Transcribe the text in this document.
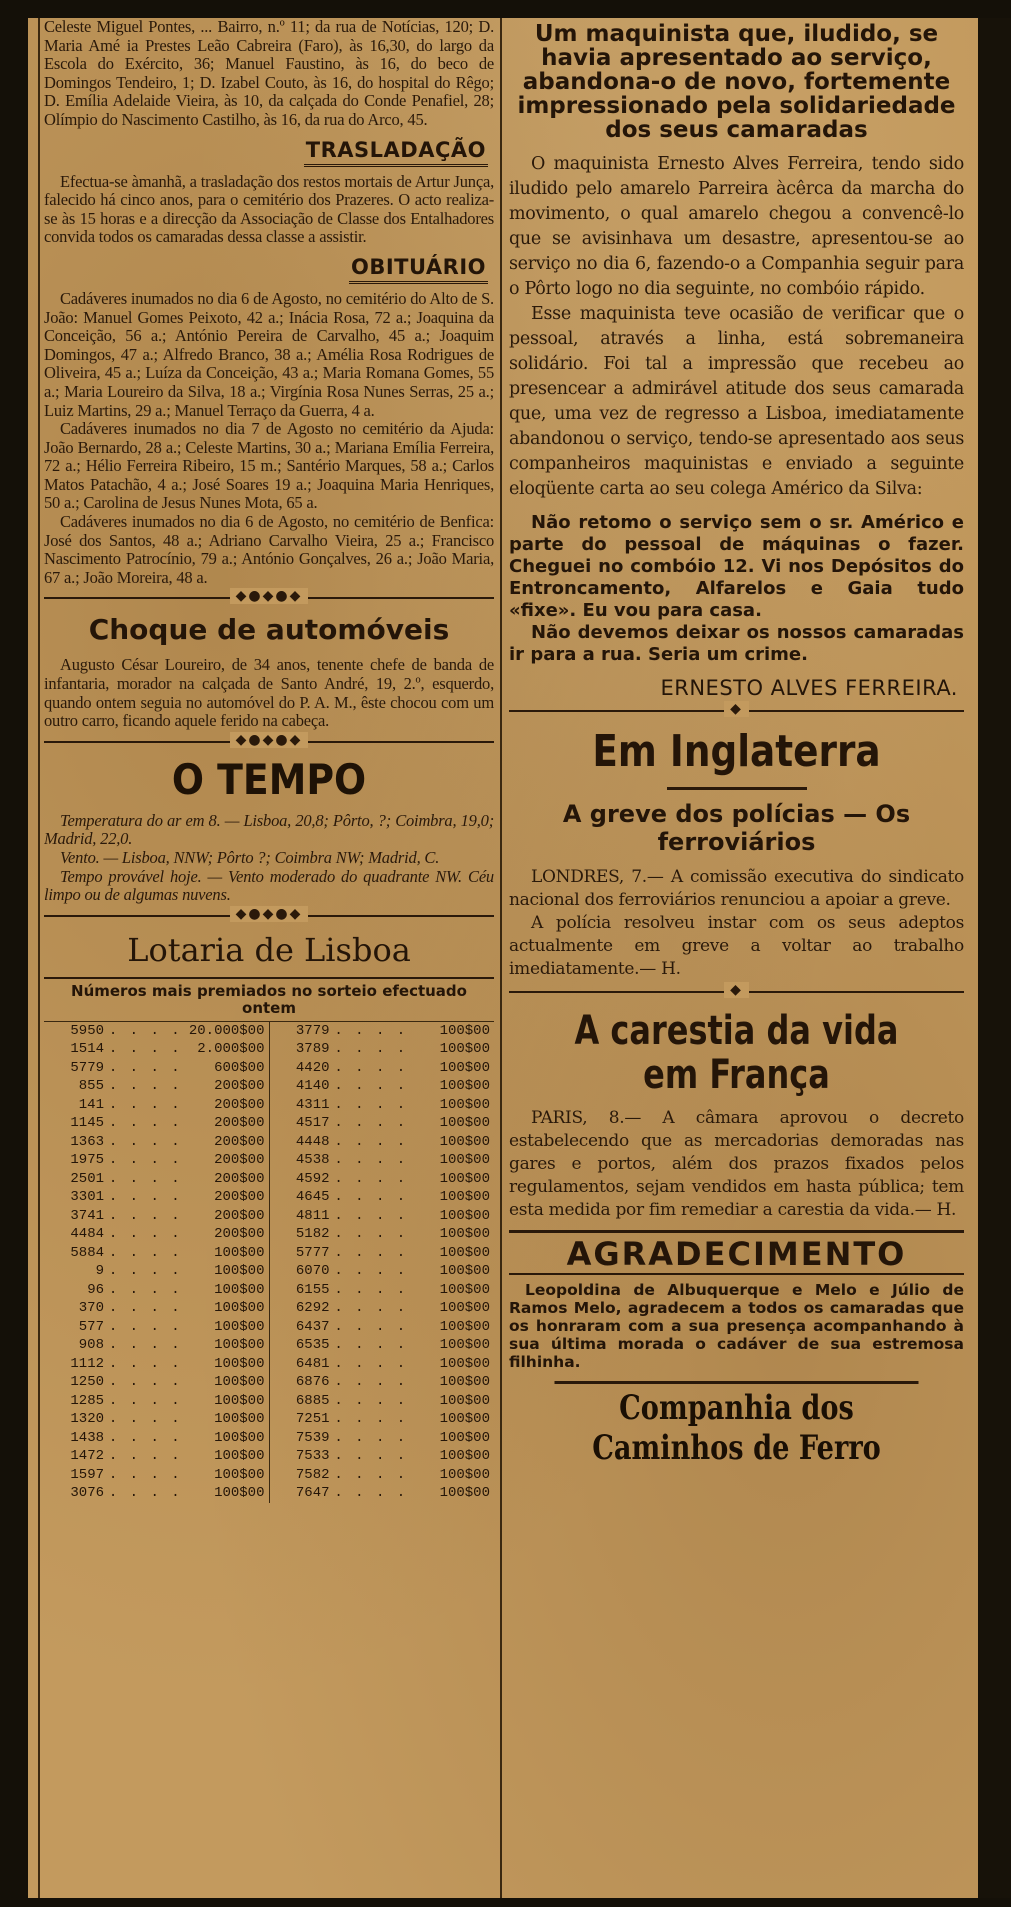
Celeste Miguel Pontes, ... Bairro, n.º 11; da rua de Notícias, 120; D. Maria Amé ia Prestes Leão Cabreira (Faro), às 16,30, do largo da Escola do Exército, 36; Manuel Faustino, às 16, do beco de Domingos Tendeiro, 1; D. Izabel Couto, às 16, do hospital do Rêgo; D. Emília Adelaide Vieira, às 10, da calçada do Conde Penafiel, 28; Olímpio do Nascimento Castilho, às 16, da rua do Arco, 45.

TRASLADAÇÃO

Efectua-se àmanhã, a trasladação dos restos mortais de Artur Junça, falecido há cinco anos, para o cemitério dos Prazeres. O acto realiza-se às 15 horas e a direcção da Associação de Classe dos Entalhadores convida todos os camaradas dessa classe a assistir.

OBITUÁRIO

Cadáveres inumados no dia 6 de Agosto, no cemitério do Alto de S. João: Manuel Gomes Peixoto, 42 a.; Inácia Rosa, 72 a.; Joaquina da Conceição, 56 a.; António Pereira de Carvalho, 45 a.; Joaquim Domingos, 47 a.; Alfredo Branco, 38 a.; Amélia Rosa Rodrigues de Oliveira, 45 a.; Luíza da Conceição, 43 a.; Maria Romana Gomes, 55 a.; Maria Loureiro da Silva, 18 a.; Virgínia Rosa Nunes Serras, 25 a.; Luiz Martins, 29 a.; Manuel Terraço da Guerra, 4 a.

Cadáveres inumados no dia 7 de Agosto no cemitério da Ajuda: João Bernardo, 28 a.; Celeste Martins, 30 a.; Mariana Emília Ferreira, 72 a.; Hélio Ferreira Ribeiro, 15 m.; Santério Marques, 58 a.; Carlos Matos Patachão, 4 a.; José Soares 19 a.; Joaquina Maria Henriques, 50 a.; Carolina de Jesus Nunes Mota, 65 a.

Cadáveres inumados no dia 6 de Agosto, no cemitério de Benfica: José dos Santos, 48 a.; Adriano Carvalho Vieira, 25 a.; Francisco Nascimento Patrocínio, 79 a.; António Gonçalves, 26 a.; João Maria, 67 a.; João Moreira, 48 a.

◆●◆●◆
Choque de automóveis

Augusto César Loureiro, de 34 anos, tenente chefe de banda de infantaria, morador na calçada de Santo André, 19, 2.º, esquerdo, quando ontem seguia no automóvel do P. A. M., êste chocou com um outro carro, ficando aquele ferido na cabeça.

◆●◆●◆
O TEMPO

Temperatura do ar em 8. — Lisboa, 20,8; Pôrto, ?; Coimbra, 19,0; Madrid, 22,0.

Vento. — Lisboa, NNW; Pôrto ?; Coimbra NW; Madrid, C.

Tempo provável hoje. — Vento moderado do quadrante NW. Céu limpo ou de algumas nuvens.

◆●◆●◆
Lotaria de Lisboa
Números mais premiados no sorteio efectuado ontem
5950 . . . . 20.000$00
1514 . . . .	2.000$00
5779 . . . .	600$00
855 . . . .	200$00
141 . . . .	200$00
1145 . . . .	200$00
1363 . . . .	200$00
1975 . . . .	200$00
2501 . . . .	200$00
3301 . . . .	200$00
3741 . . . .	200$00
4484 . . . .	200$00
5884 . . . .	100$00
9 . . . .	100$00
96 . . . .	100$00
370 . . . .	100$00
577 . . . .	100$00
908 . . . .	100$00
1112 . . . .	100$00
1250 . . . .	100$00
1285 . . . .	100$00
1320 . . . .	100$00
1438 . . . .	100$00
1472 . . . .	100$00
1597 . . . .	100$00
3076 . . . .	100$00
3779 . . . .	100$00
3789 . . . .	100$00
4420 . . . .	100$00
4140 . . . .	100$00
4311 . . . .	100$00
4517 . . . .	100$00
4448 . . . .	100$00
4538 . . . .	100$00
4592 . . . .	100$00
4645 . . . .	100$00
4811 . . . .	100$00
5182 . . . .	100$00
5777 . . . .	100$00
6070 . . . .	100$00
6155 . . . .	100$00
6292 . . . .	100$00
6437 . . . .	100$00
6535 . . . .	100$00
6481 . . . .	100$00
6876 . . . .	100$00
6885 . . . .	100$00
7251 . . . .	100$00
7539 . . . .	100$00
7533 . . . .	100$00
7582 . . . .	100$00
7647 . . . .	100$00
Um maquinista que, iludido, se havia apresentado ao serviço, abandona-o de novo, fortemente impressionado pela solidariedade dos seus camaradas

O maquinista Ernesto Alves Ferreira, tendo sido iludido pelo amarelo Parreira àcêrca da marcha do movimento, o qual amarelo chegou a convencê-lo que se avisinhava um desastre, apresentou-se ao serviço no dia 6, fazendo-o a Companhia seguir para o Pôrto logo no dia seguinte, no combóio rápido.

Esse maquinista teve ocasião de verificar que o pessoal, através a linha, está sobremaneira solidário. Foi tal a impressão que recebeu ao presencear a admirável atitude dos seus camarada que, uma vez de regresso a Lisboa, imediatamente abandonou o serviço, tendo-se apresentado aos seus companheiros maquinistas e enviado a seguinte eloqüente carta ao seu colega Américo da Silva:

Não retomo o serviço sem o sr. Américo e parte do pessoal de máquinas o fazer. Cheguei no combóio 12. Vi nos Depósitos do Entroncamento, Alfarelos e Gaia tudo «fixe». Eu vou para casa.

Não devemos deixar os nossos camaradas ir para a rua. Seria um crime.

ERNESTO ALVES FERREIRA.
◆
Em Inglaterra
A greve dos polícias — Os ferroviários

LONDRES, 7.— A comissão executiva do sindicato nacional dos ferroviários renunciou a apoiar a greve.

A polícia resolveu instar com os seus adeptos actualmente em greve a voltar ao trabalho imediatamente.— H.

◆
A carestia da vida em França

PARIS, 8.— A câmara aprovou o decreto estabelecendo que as mercadorias demoradas nas gares e portos, além dos prazos fixados pelos regulamentos, sejam vendidos em hasta pública; tem esta medida por fim remediar a carestia da vida.— H.

AGRADECIMENTO

Leopoldina de Albuquerque e Melo e Júlio de Ramos Melo, agradecem a todos os camaradas que os honraram com a sua presença acompanhando à sua última morada o cadáver de sua estremosa filhinha.

Companhia dos Caminhos de Ferro
